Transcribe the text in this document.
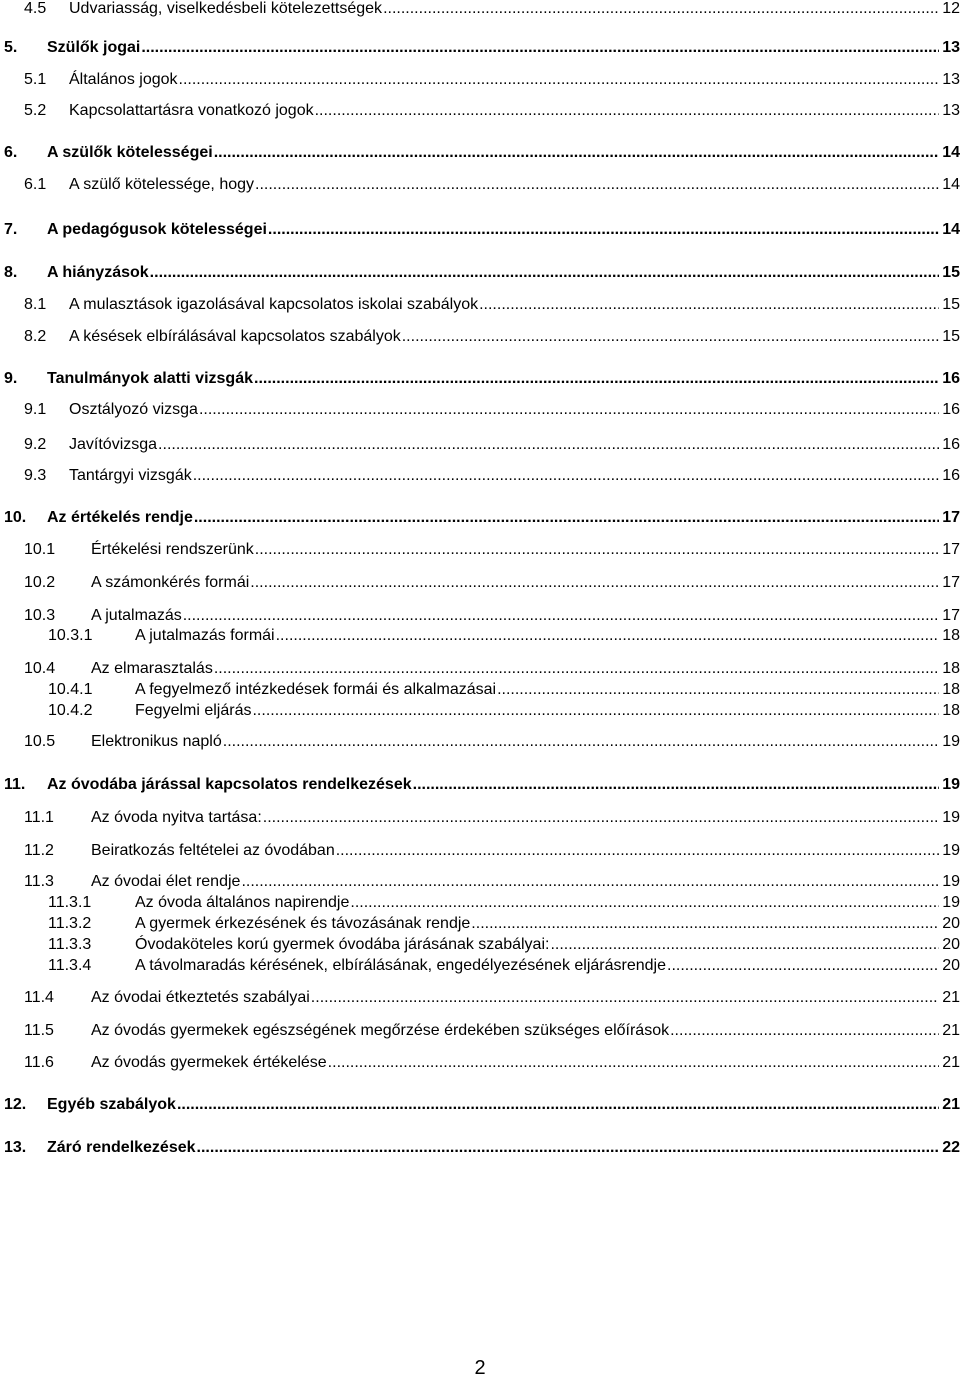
4.5	Udvariasság, viselkedésbeli kötelezettségek .....	12
5.	Szülők jogai .....	13
5.1	Általános jogok .....	13
5.2	Kapcsolattartásra vonatkozó jogok .....	13
6.	A szülők kötelességei .....	14
6.1	A szülő kötelessége, hogy .....	14
7.	A pedagógusok kötelességei .....	14
8.	A hiányzások .....	15
8.1	A mulasztások igazolásával kapcsolatos iskolai szabályok .....	15
8.2	A késések elbírálásával kapcsolatos szabályok .....	15
9.	Tanulmányok alatti vizsgák .....	16
9.1	Osztályozó vizsga .....	16
9.2	Javítóvizsga .....	16
9.3	Tantárgyi vizsgák .....	16
10.	Az értékelés rendje .....	17
10.1	Értékelési rendszerünk .....	17
10.2	A számonkérés formái .....	17
10.3	A jutalmazás .....	17
10.3.1	A jutalmazás formái .....	18
10.4	Az elmarasztalás .....	18
10.4.1	A fegyelmező intézkedések formái és alkalmazásai .....	18
10.4.2	Fegyelmi eljárás .....	18
10.5	Elektronikus napló .....	19
11.	Az óvodába járással kapcsolatos rendelkezések .....	19
11.1	Az óvoda nyitva tartása: .....	19
11.2	Beiratkozás feltételei az óvodában .....	19
11.3	Az óvodai élet rendje .....	19
11.3.1	Az óvoda általános napirendje .....	19
11.3.2	A gyermek érkezésének és távozásának rendje .....	20
11.3.3	Óvodaköteles korú gyermek óvodába járásának szabályai: .....	20
11.3.4	A távolmaradás kérésének, elbírálásának, engedélyezésének eljárásrendje .....	20
11.4	Az óvodai étkeztetés szabályai .....	21
11.5	Az óvodás gyermekek egészségének megőrzése érdekében szükséges előírások .....	21
11.6	Az óvodás gyermekek értékelése .....	21
12.	Egyéb szabályok .....	21
13.	Záró rendelkezések .....	22
2
